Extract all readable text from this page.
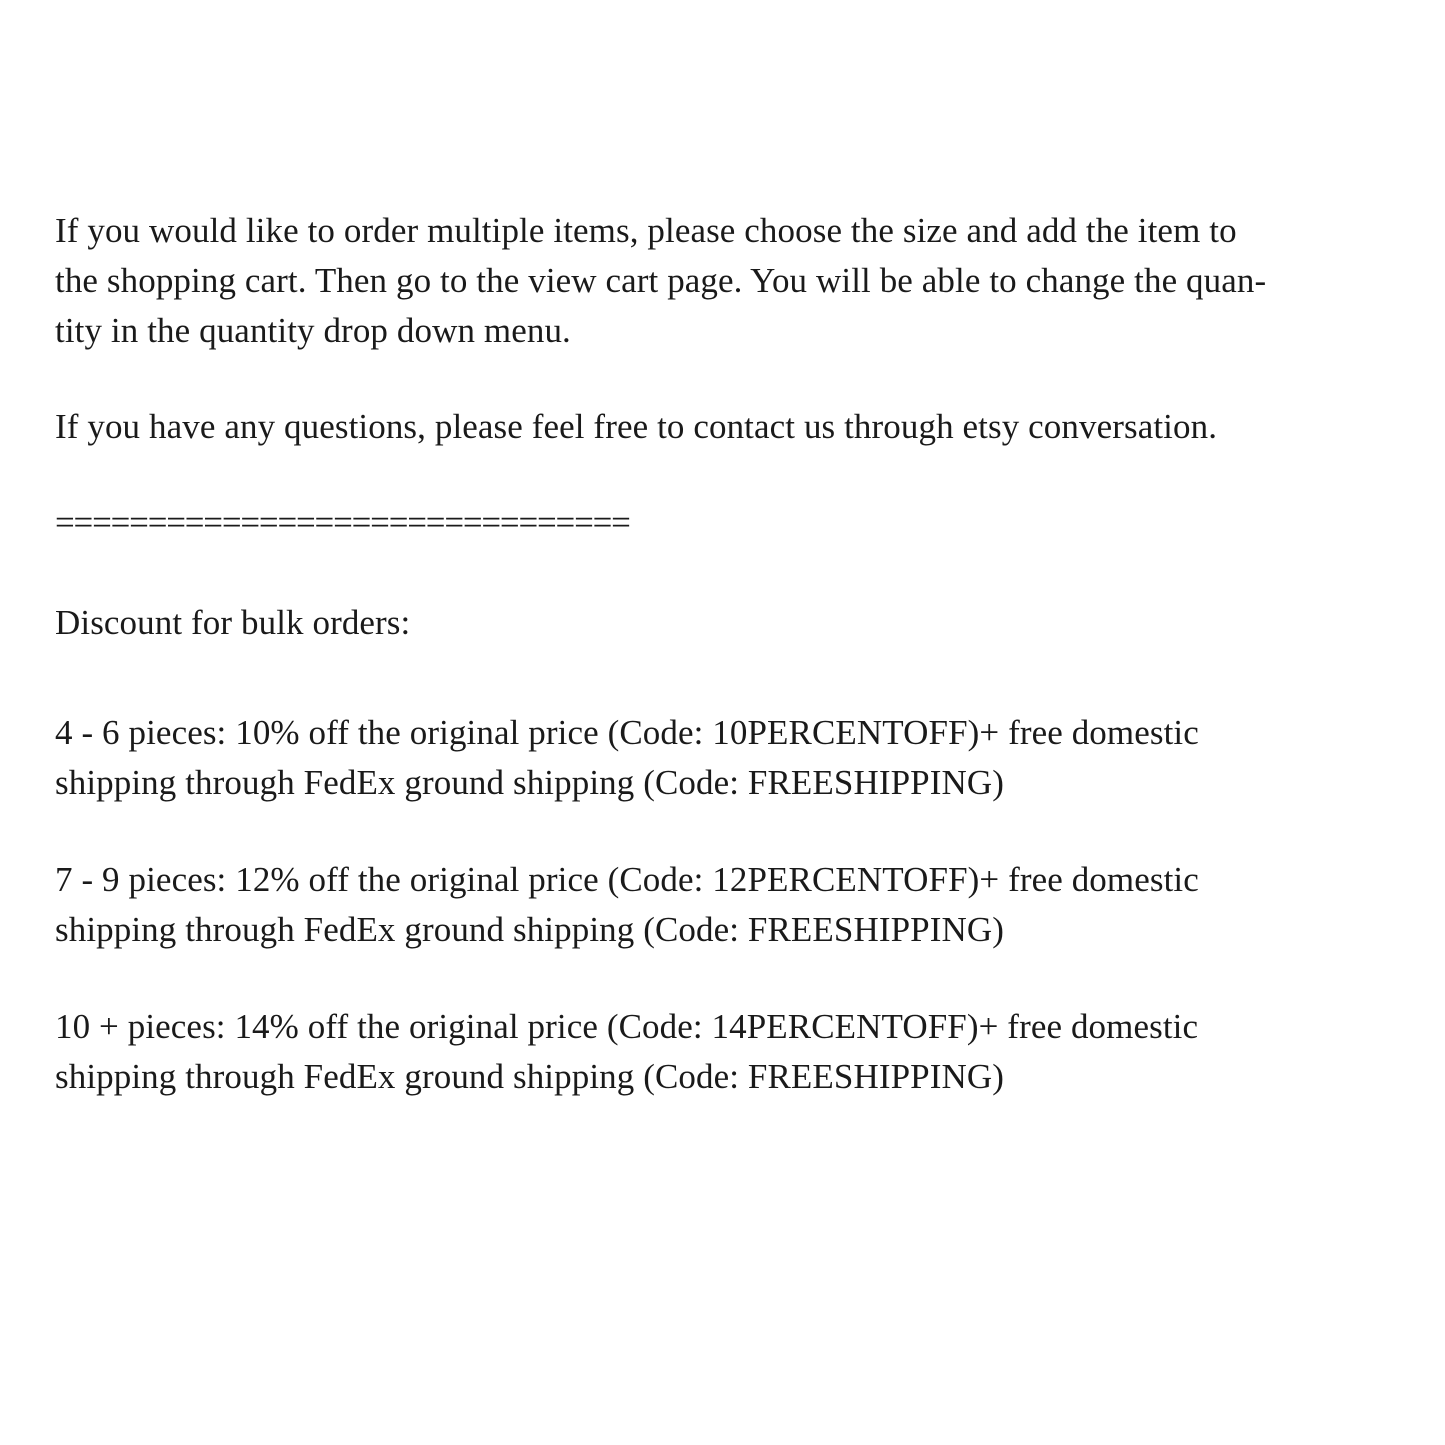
If you would like to order multiple items, please choose the size and add the item to

the shopping cart. Then go to the view cart page. You will be able to change the quan-

tity in the quantity drop down menu.

If you have any questions, please feel free to contact us through etsy conversation.

===============================

Discount for bulk orders:

4 - 6 pieces: 10% off the original price (Code: 10PERCENTOFF)+ free domestic

shipping through FedEx ground shipping (Code: FREESHIPPING)

7 - 9 pieces: 12% off the original price (Code: 12PERCENTOFF)+ free domestic

shipping through FedEx ground shipping (Code: FREESHIPPING)

10 + pieces: 14% off the original price (Code: 14PERCENTOFF)+ free domestic

shipping through FedEx ground shipping (Code: FREESHIPPING)
